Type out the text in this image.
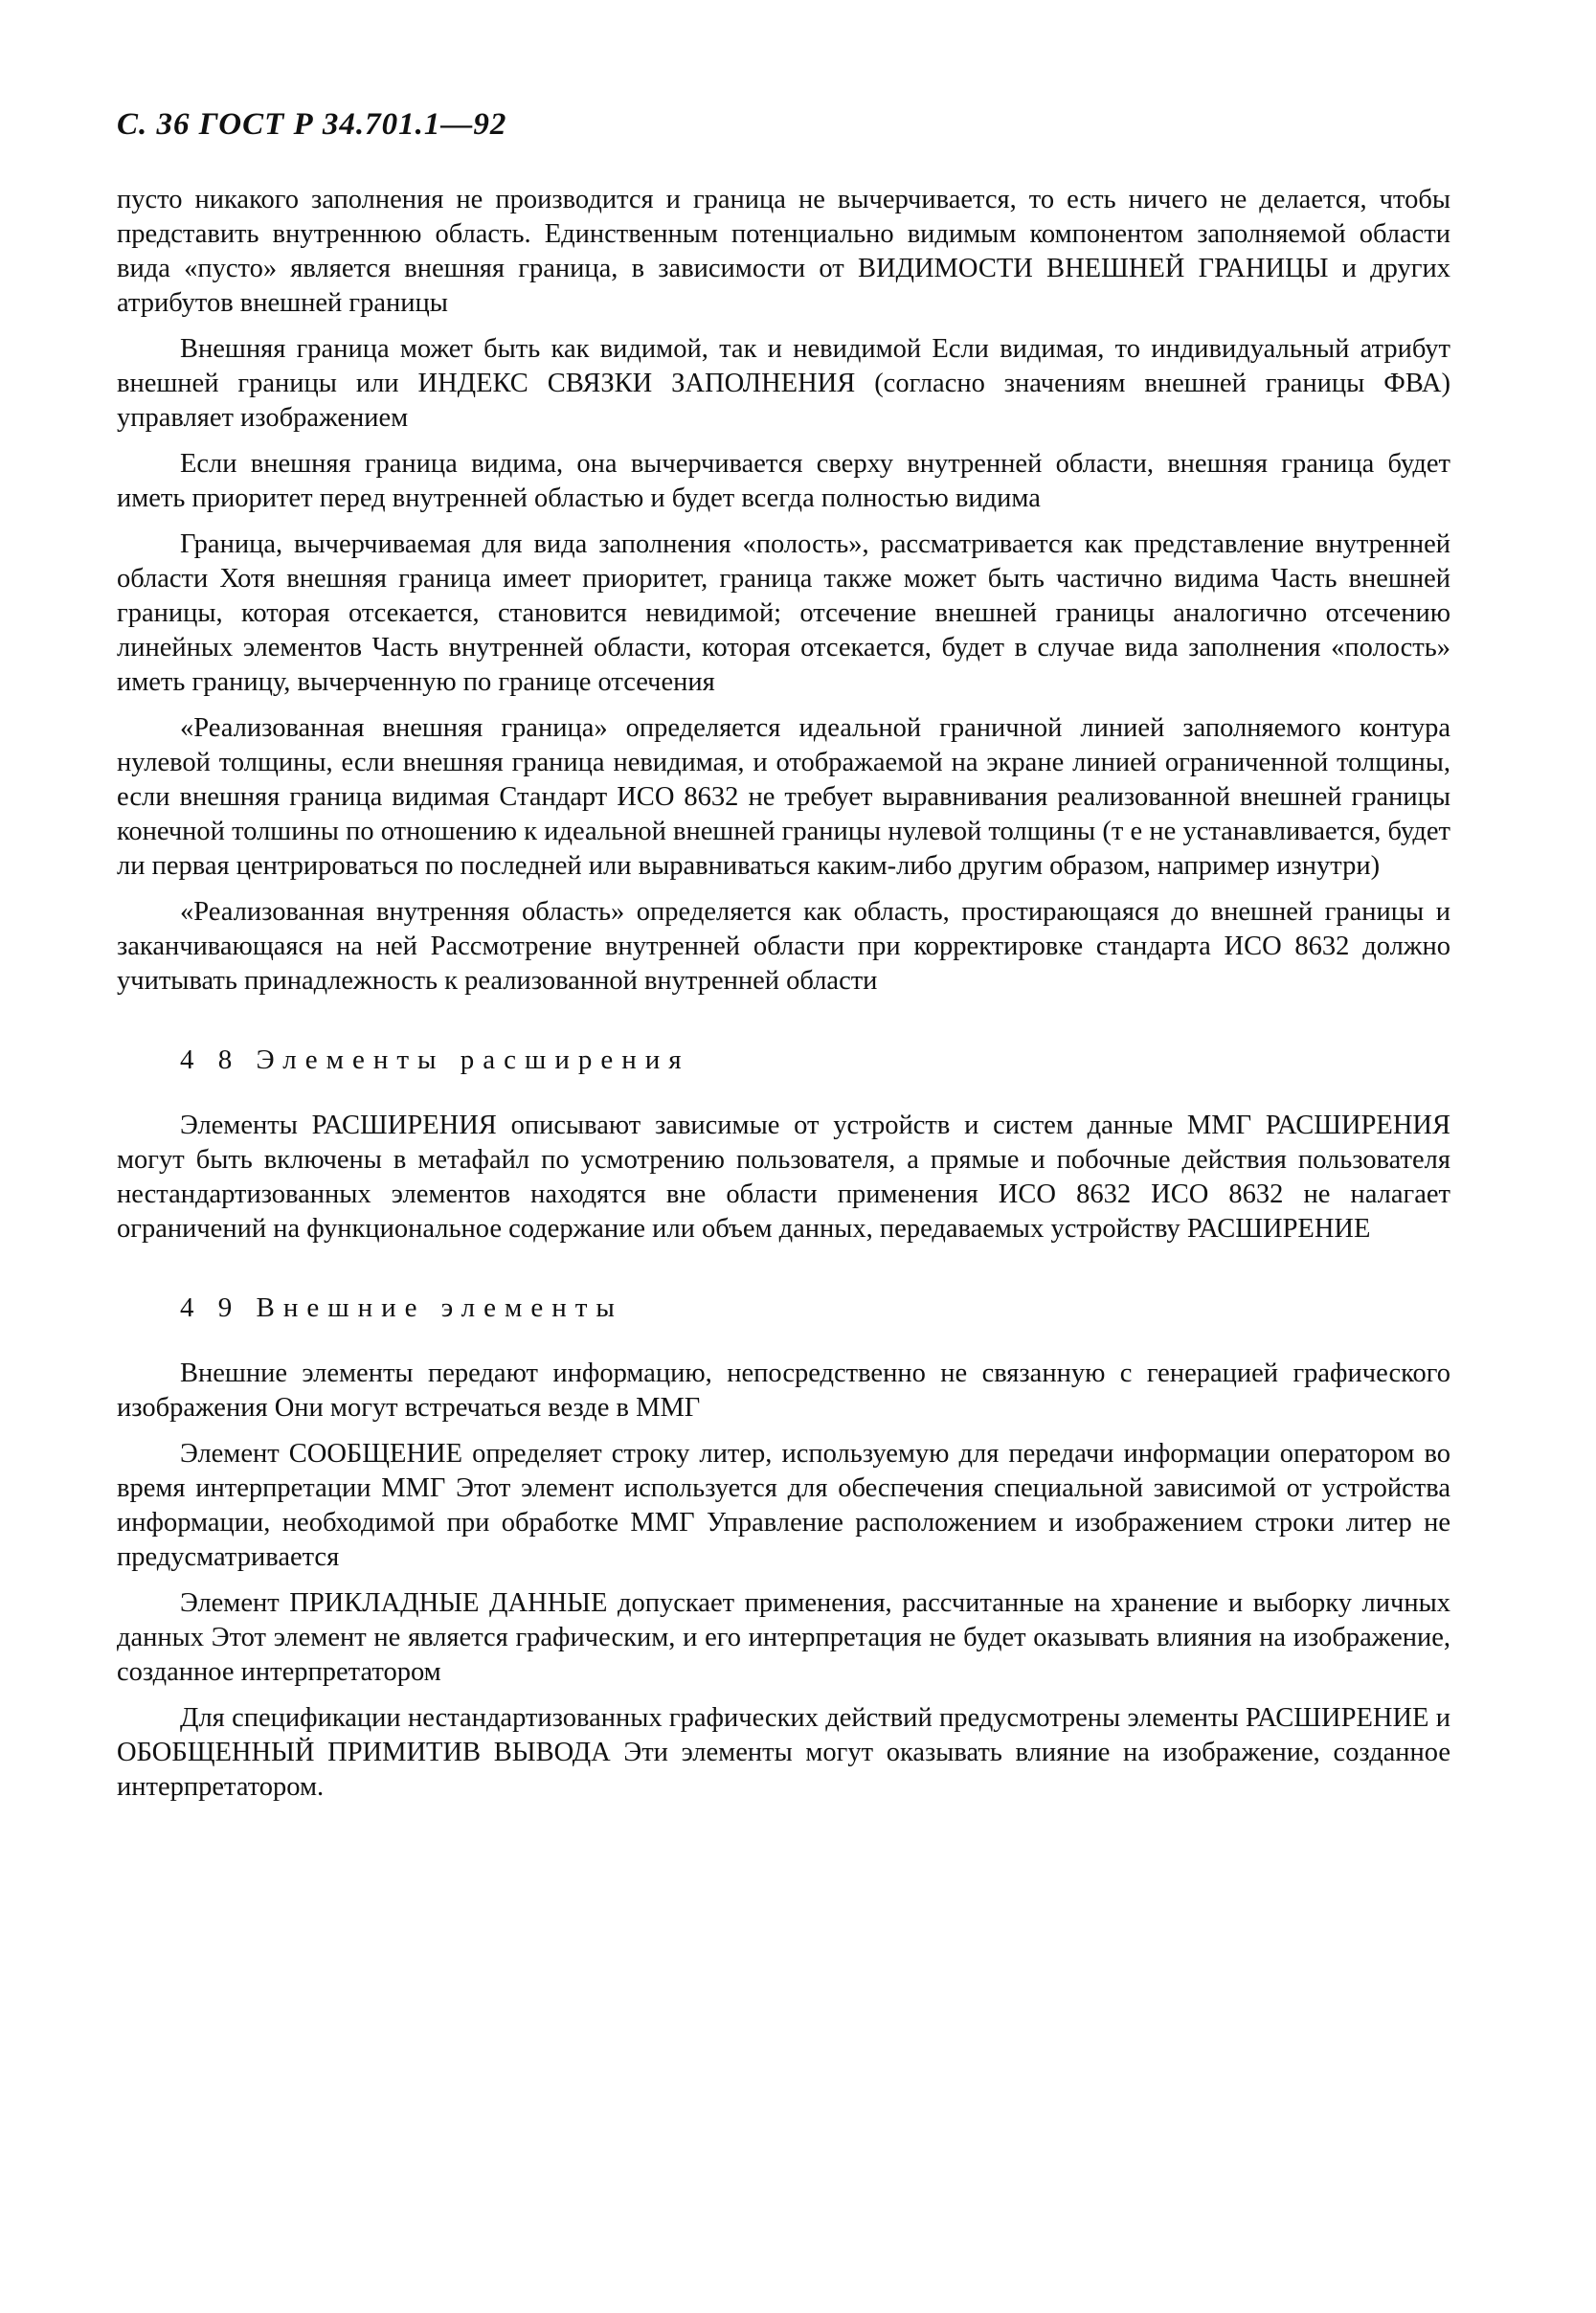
С. 36 ГОСТ Р 34.701.1—92

пусто никакого заполнения не производится и граница не вычерчивается, то есть ничего не делается, чтобы представить внутреннюю область. Единственным потенциально видимым компонентом заполняемой области вида «пусто» является внешняя граница, в зависимости от ВИДИМОСТИ ВНЕШНЕЙ ГРАНИЦЫ и других атрибутов внешней границы

Внешняя граница может быть как видимой, так и невидимой Если видимая, то индивидуальный атрибут внешней границы или ИНДЕКС СВЯЗКИ ЗАПОЛНЕНИЯ (согласно значениям внешней границы ФВА) управляет изображением

Если внешняя граница видима, она вычерчивается сверху внутренней области, внешняя граница будет иметь приоритет перед внутренней областью и будет всегда полностью видима

Граница, вычерчиваемая для вида заполнения «полость», рассматривается как представление внутренней области Хотя внешняя граница имеет приоритет, граница также может быть частично видима Часть внешней границы, которая отсекается, становится невидимой; отсечение внешней границы аналогично отсечению линейных элементов Часть внутренней области, которая отсекается, будет в случае вида заполнения «полость» иметь границу, вычерченную по границе отсечения

«Реализованная внешняя граница» определяется идеальной граничной линией заполняемого контура нулевой толщины, если внешняя граница невидимая, и отображаемой на экране линией ограниченной толщины, если внешняя граница видимая Стандарт ИСО 8632 не требует выравнивания реализованной внешней границы конечной толшины по отношению к идеальной внешней границы нулевой толщины (т е не устанавливается, будет ли первая центрироваться по последней или выравниваться каким-либо другим образом, например изнутри)

«Реализованная внутренняя область» определяется как область, простирающаяся до внешней границы и заканчивающаяся на ней Рассмотрение внутренней области при корректировке стандарта ИСО 8632 должно учитывать принадлежность к реализованной внутренней области

4 8 Элементы расширения

Элементы РАСШИРЕНИЯ описывают зависимые от устройств и систем данные ММГ РАСШИРЕНИЯ могут быть включены в метафайл по усмотрению пользователя, а прямые и побочные действия пользователя нестандартизованных элементов находятся вне области применения ИСО 8632 ИСО 8632 не налагает ограничений на функциональное содержание или объем данных, передаваемых устройству РАСШИРЕНИЕ

4 9 Внешние элементы

Внешние элементы передают информацию, непосредственно не связанную с генерацией графического изображения Они могут встречаться везде в ММГ

Элемент СООБЩЕНИЕ определяет строку литер, используемую для передачи информации оператором во время интерпретации ММГ Этот элемент используется для обеспечения специальной зависимой от устройства информации, необходимой при обработке ММГ Управление расположением и изображением строки литер не предусматривается

Элемент ПРИКЛАДНЫЕ ДАННЫЕ допускает применения, рассчитанные на хранение и выборку личных данных Этот элемент не является графическим, и его интерпретация не будет оказывать влияния на изображение, созданное интерпретатором

Для спецификации нестандартизованных графических действий предусмотрены элементы РАСШИРЕНИЕ и ОБОБЩЕННЫЙ ПРИМИТИВ ВЫВОДА Эти элементы могут оказывать влияние на изображение, созданное интерпретатором.
